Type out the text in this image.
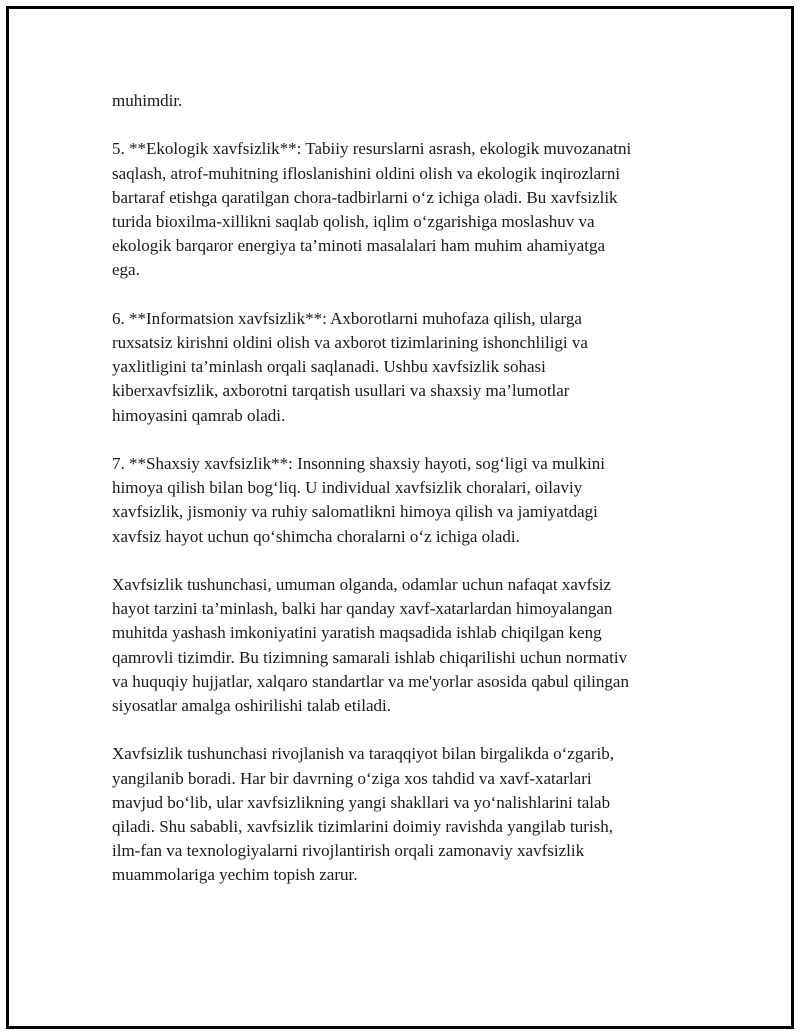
muhimdir.

5. **Ekologik xavfsizlik**: Tabiiy resurslarni asrash, ekologik muvozanatni
saqlash, atrof-muhitning ifloslanishini oldini olish va ekologik inqirozlarni
bartaraf etishga qaratilgan chora-tadbirlarni o‘z ichiga oladi. Bu xavfsizlik
turida bioxilma-xillikni saqlab qolish, iqlim o‘zgarishiga moslashuv va
ekologik barqaror energiya ta’minoti masalalari ham muhim ahamiyatga
ega.

6. **Informatsion xavfsizlik**: Axborotlarni muhofaza qilish, ularga
ruxsatsiz kirishni oldini olish va axborot tizimlarining ishonchliligi va
yaxlitligini ta’minlash orqali saqlanadi. Ushbu xavfsizlik sohasi
kiberxavfsizlik, axborotni tarqatish usullari va shaxsiy ma’lumotlar
himoyasini qamrab oladi.

7. **Shaxsiy xavfsizlik**: Insonning shaxsiy hayoti, sog‘ligi va mulkini
himoya qilish bilan bog‘liq. U individual xavfsizlik choralari, oilaviy
xavfsizlik, jismoniy va ruhiy salomatlikni himoya qilish va jamiyatdagi
xavfsiz hayot uchun qo‘shimcha choralarni o‘z ichiga oladi.

Xavfsizlik tushunchasi, umuman olganda, odamlar uchun nafaqat xavfsiz
hayot tarzini ta’minlash, balki har qanday xavf-xatarlardan himoyalangan
muhitda yashash imkoniyatini yaratish maqsadida ishlab chiqilgan keng
qamrovli tizimdir. Bu tizimning samarali ishlab chiqarilishi uchun normativ
va huquqiy hujjatlar, xalqaro standartlar va me'yorlar asosida qabul qilingan
siyosatlar amalga oshirilishi talab etiladi.

Xavfsizlik tushunchasi rivojlanish va taraqqiyot bilan birgalikda o‘zgarib,
yangilanib boradi. Har bir davrning o‘ziga xos tahdid va xavf-xatarlari
mavjud bo‘lib, ular xavfsizlikning yangi shakllari va yo‘nalishlarini talab
qiladi. Shu sababli, xavfsizlik tizimlarini doimiy ravishda yangilab turish,
ilm-fan va texnologiyalarni rivojlantirish orqali zamonaviy xavfsizlik
muammolariga yechim topish zarur.
